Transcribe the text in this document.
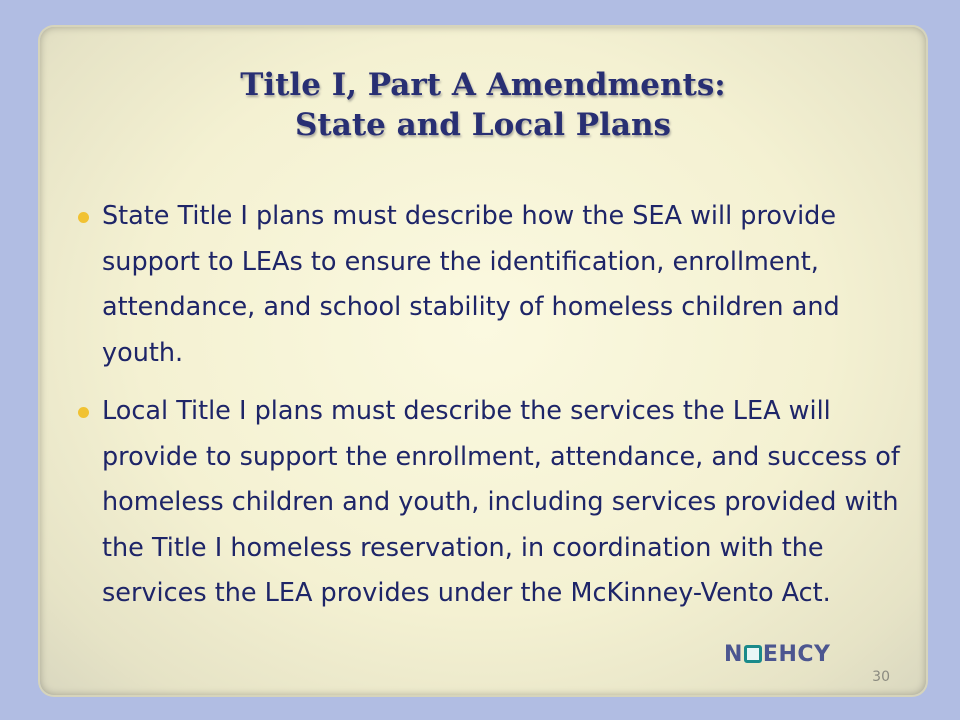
Title I, Part A Amendments:
State and Local Plans
State Title I plans must describe how the SEA will provide support to LEAs to ensure the identification, enrollment, attendance, and school stability of homeless children and youth.
Local Title I plans must describe the services the LEA will provide to support the enrollment, attendance, and success of homeless children and youth, including services provided with the Title I homeless reservation, in coordination with the services the LEA provides under the McKinney-Vento Act.
30
N EHCY
